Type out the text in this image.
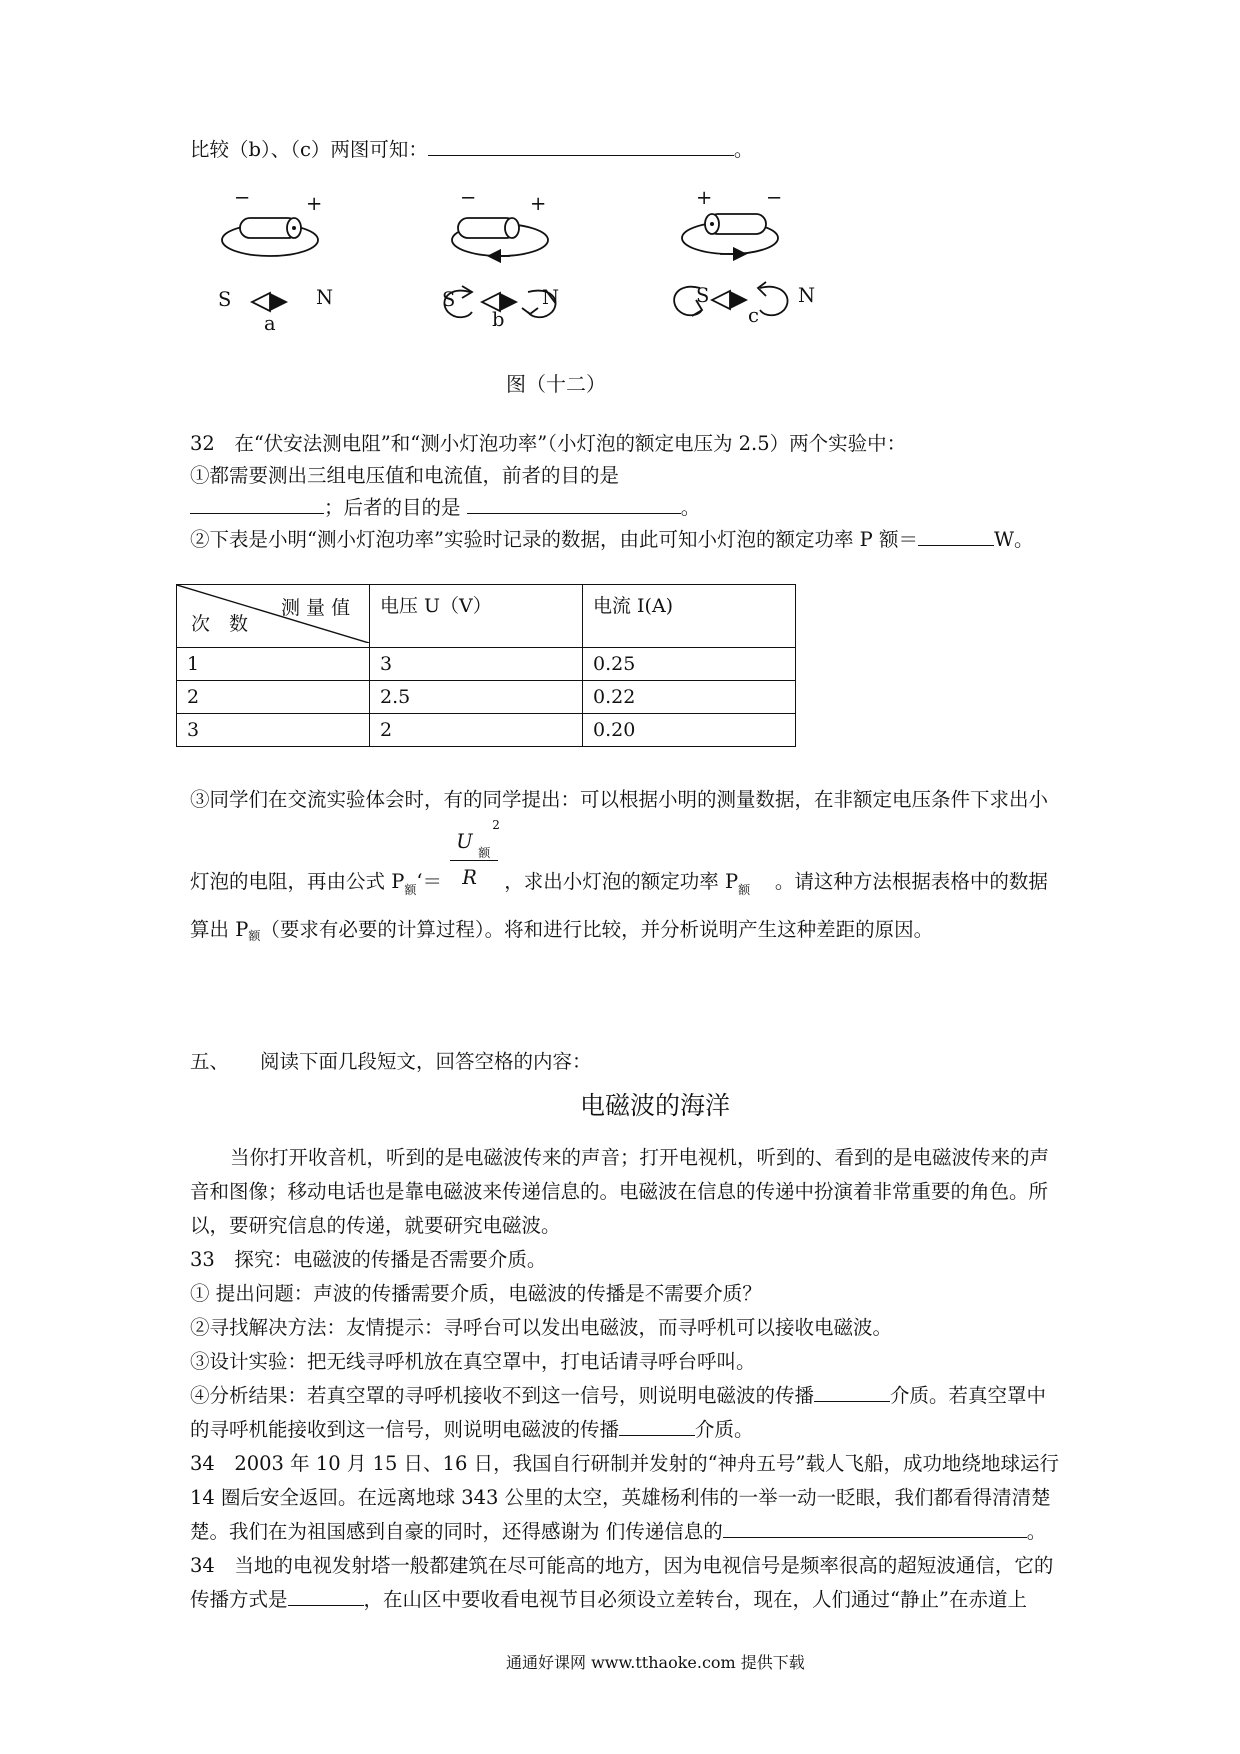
比较（b）、（c）两图可知：	。
−	+
S	N
a
−	+
S	N
b
+	−
S	N
c
图（十二）
32　在“伏安法测电阻”和“测小灯泡功率”（小灯泡的额定电压为 2.5）两个实验中：
①都需要测出三组电压值和电流值，前者的目的是
；后者的目的是	。
②下表是小明“测小灯泡功率”实验时记录的数据，由此可知小灯泡的额定功率 P 额＝	W。
测 量 值
次　数	电压 U（V）	电流 I(A)
1	3	0.25
2	2.5	0.22
3	2	0.20
③同学们在交流实验体会时，有的同学提出：可以根据小明的测量数据，在非额定电压条件下求出小
灯泡的电阻，再由公式 $P_额‘=$
U 额
2
R ，求出小灯泡的额定功率 $P_额$ 。请这种方法根据表格中的数据
算出 $P_额$（要求有必要的计算过程）。将和进行比较，并分析说明产生这种差距的原因。
五、 阅读下面几段短文，回答空格的内容：
电磁波的海洋
当你打开收音机，听到的是电磁波传来的声音；打开电视机，听到的、看到的是电磁波传来的声
音和图像；移动电话也是靠电磁波来传递信息的。电磁波在信息的传递中扮演着非常重要的角色。所
以，要研究信息的传递，就要研究电磁波。
33　探究：电磁波的传播是否需要介质。
① 提出问题：声波的传播需要介质，电磁波的传播是不需要介质？
②寻找解决方法：友情提示：寻呼台可以发出电磁波，而寻呼机可以接收电磁波。
③设计实验：把无线寻呼机放在真空罩中，打电话请寻呼台呼叫。
④分析结果：若真空罩的寻呼机接收不到这一信号，则说明电磁波的传播	介质。若真空罩中
的寻呼机能接收到这一信号，则说明电磁波的传播	介质。
34　2003 年 10 月 15 日、16 日，我国自行研制并发射的“神舟五号”载人飞船，成功地绕地球运行
14 圈后安全返回。在远离地球 343 公里的太空，英雄杨利伟的一举一动一眨眼，我们都看得清清楚
楚。我们在为祖国感到自豪的同时，还得感谢为 们传递信息的	。
34　当地的电视发射塔一般都建筑在尽可能高的地方，因为电视信号是频率很高的超短波通信，它的
传播方式是	，在山区中要收看电视节目必须设立差转台，现在，人们通过“静止”在赤道上
通通好课网 www.tthaoke.com 提供下载
